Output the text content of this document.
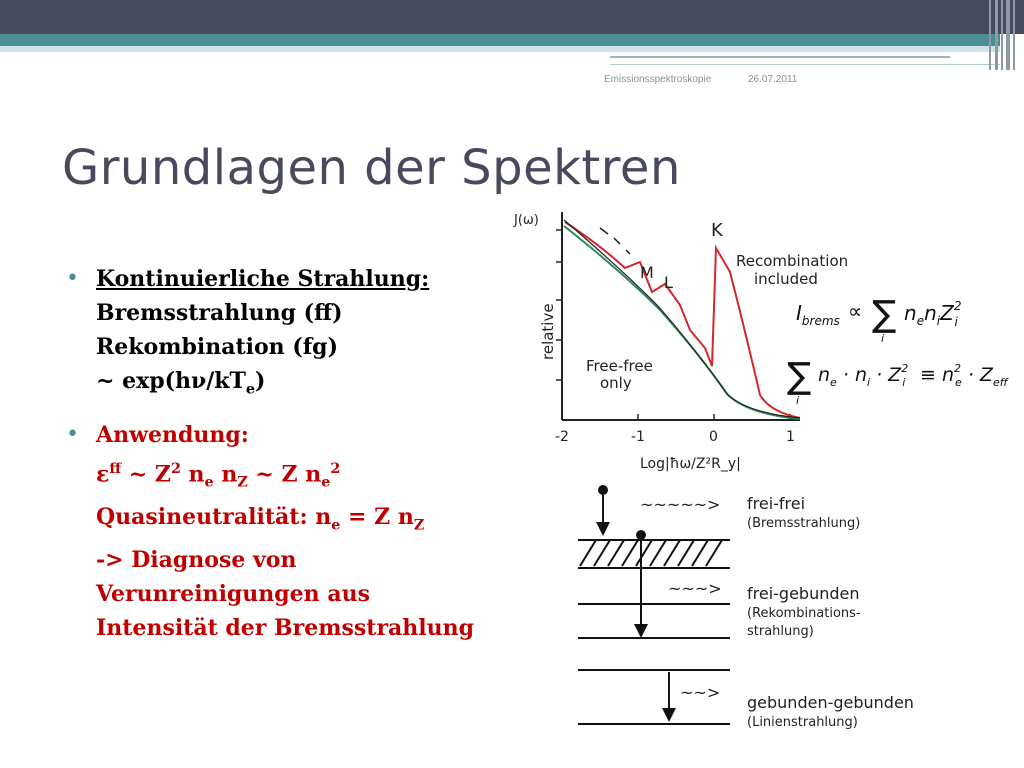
Emissionsspektroskopie	26.07.2011
Grundlagen der Spektren
• Kontinuierliche Strahlung:
Bremsstrahlung (ff)
Rekombination (fg)
~ $\exp(h\nu/kT_e)$
• Anwendung:
$\varepsilon^{ff}$ ~ $Z^2$ $n_e$ $n_Z$ ~ Z $n_e^2$
Quasineutralität: $n_e = Z$ $n_Z$
-> Diagnose von
Verunreinigungen aus
Intensität der Bremsstrahlung
J(ω)
relative
-2	-1	0	1
Log|ħω/Z²R_y|
K
L
M
Recombination
included
Free-free
only
$I_{brems}$ ∝ ∑
i
$n_en_iZ^2$ i
∑
i
$n_e \cdot n_i \cdot Z^2$ $i \equiv n^2$ $e \cdot Z_{eff}$
~~~~~>
~~~>
~~>
frei-frei
(Bremsstrahlung)
frei-gebunden
(Rekombinations-
strahlung)
gebunden-gebunden
(Linienstrahlung)
